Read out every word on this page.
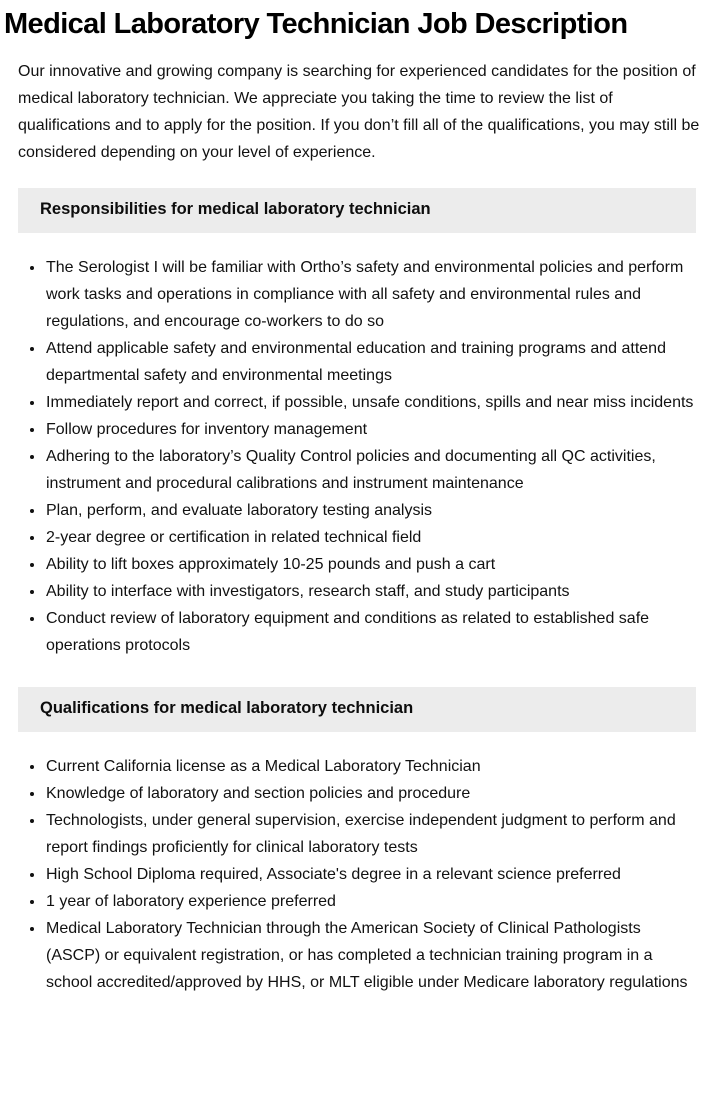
Medical Laboratory Technician Job Description

Our innovative and growing company is searching for experienced candidates for the position of medical laboratory technician. We appreciate you taking the time to review the list of qualifications and to apply for the position. If you don’t fill all of the qualifications, you may still be considered depending on your level of experience.

Responsibilities for medical laboratory technician
• The Serologist I will be familiar with Ortho’s safety and environmental policies and perform work tasks and operations in compliance with all safety and environmental rules and regulations, and encourage co-workers to do so
• Attend applicable safety and environmental education and training programs and attend departmental safety and environmental meetings
• Immediately report and correct, if possible, unsafe conditions, spills and near miss incidents
• Follow procedures for inventory management
• Adhering to the laboratory’s Quality Control policies and documenting all QC activities, instrument and procedural calibrations and instrument maintenance
• Plan, perform, and evaluate laboratory testing analysis
• 2-year degree or certification in related technical field
• Ability to lift boxes approximately 10-25 pounds and push a cart
• Ability to interface with investigators, research staff, and study participants
• Conduct review of laboratory equipment and conditions as related to established safe operations protocols
Qualifications for medical laboratory technician
• Current California license as a Medical Laboratory Technician
• Knowledge of laboratory and section policies and procedure
• Technologists, under general supervision, exercise independent judgment to perform and report findings proficiently for clinical laboratory tests
• High School Diploma required, Associate's degree in a relevant science preferred
• 1 year of laboratory experience preferred
• Medical Laboratory Technician through the American Society of Clinical Pathologists (ASCP) or equivalent registration, or has completed a technician training program in a school accredited/approved by HHS, or MLT eligible under Medicare laboratory regulations
